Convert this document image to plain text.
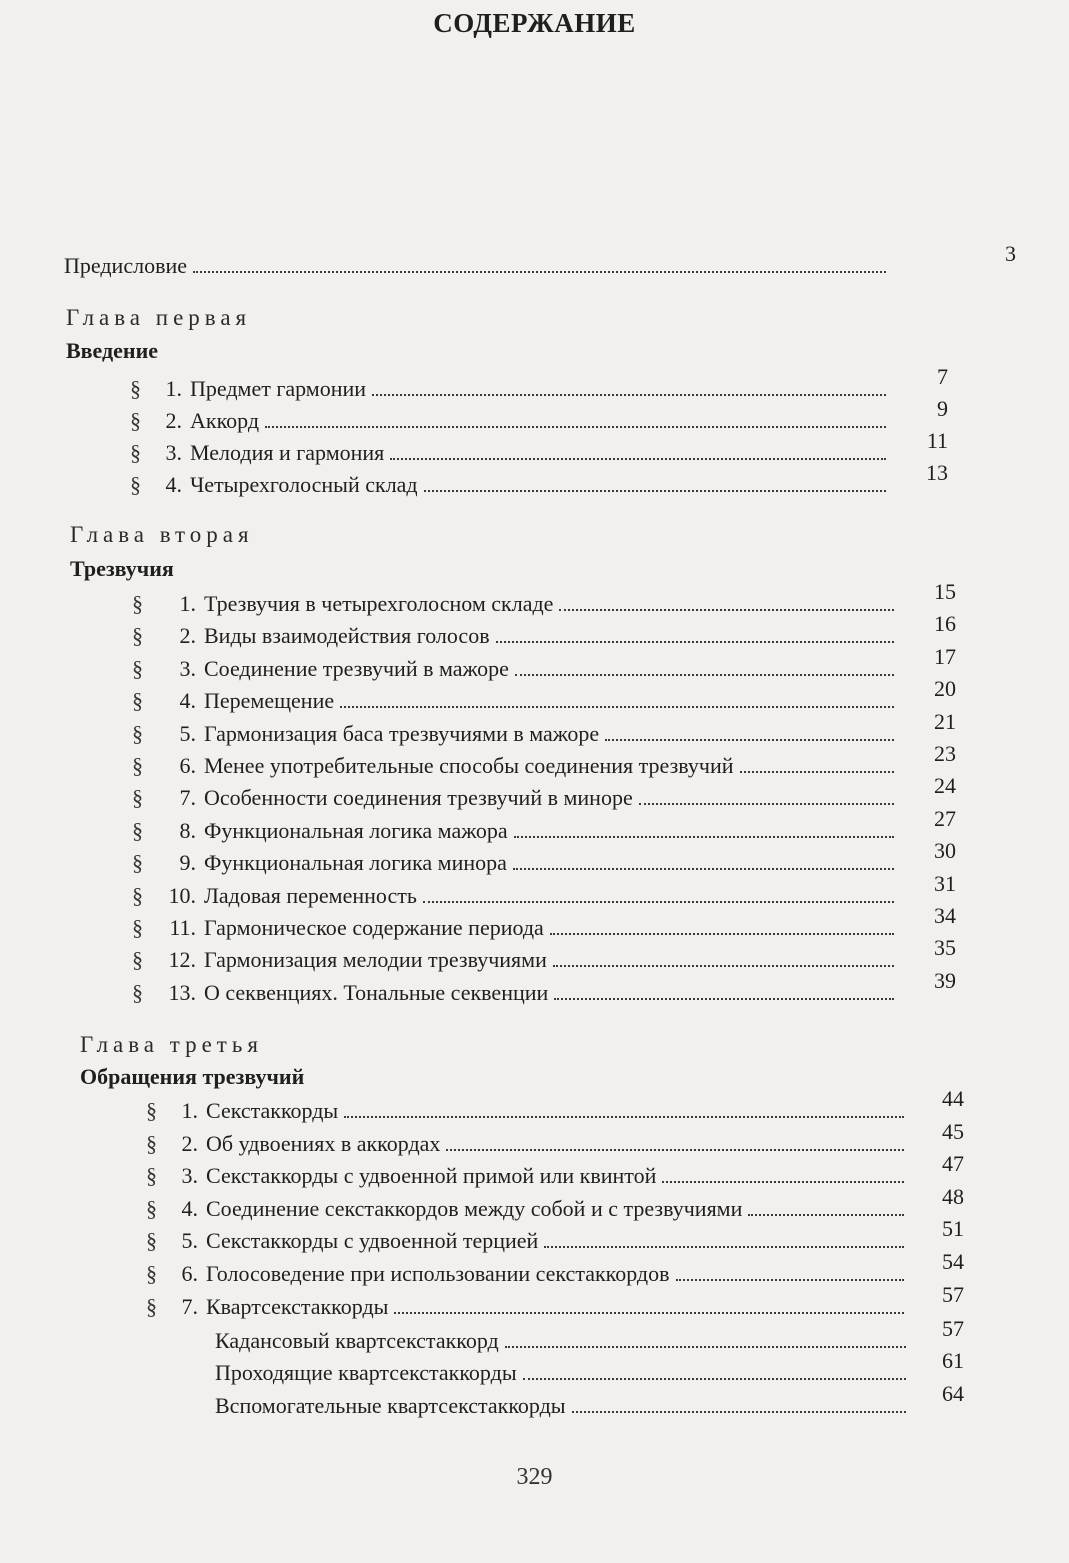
СОДЕРЖАНИЕ
Предисловие	3
Глава первая
Введение
§	1. Предмет гармонии	7
§	2. Аккорд	9
§	3. Мелодия и гармония	11
§	4. Четырехголосный склад	13
Глава вторая
Трезвучия
§	1. Трезвучия в четырехголосном складе	15
§	2. Виды взаимодействия голосов	16
§	3. Соединение трезвучий в мажоре	17
§	4. Перемещение	20
§	5. Гармонизация баса трезвучиями в мажоре	21
§	6. Менее употребительные способы соединения трезвучий	23
§	7. Особенности соединения трезвучий в миноре	24
§	8. Функциональная логика мажора	27
§	9. Функциональная логика минора	30
§	10. Ладовая переменность	31
§	11. Гармоническое содержание периода	34
§	12. Гармонизация мелодии трезвучиями	35
§	13. О секвенциях. Тональные секвенции	39
Глава третья
Обращения трезвучий
§	1. Секстаккорды	44
§	2. Об удвоениях в аккордах	45
§	3. Секстаккорды с удвоенной примой или квинтой	47
§	4. Соединение секстаккордов между собой и с трезвучиями	48
§	5. Секстаккорды с удвоенной терцией	51
§	6. Голосоведение при использовании секстаккордов	54
§	7. Квартсекстаккорды	57
Кадансовый квартсекстаккорд	57
Проходящие квартсекстаккорды	61
Вспомогательные квартсекстаккорды	64
329
